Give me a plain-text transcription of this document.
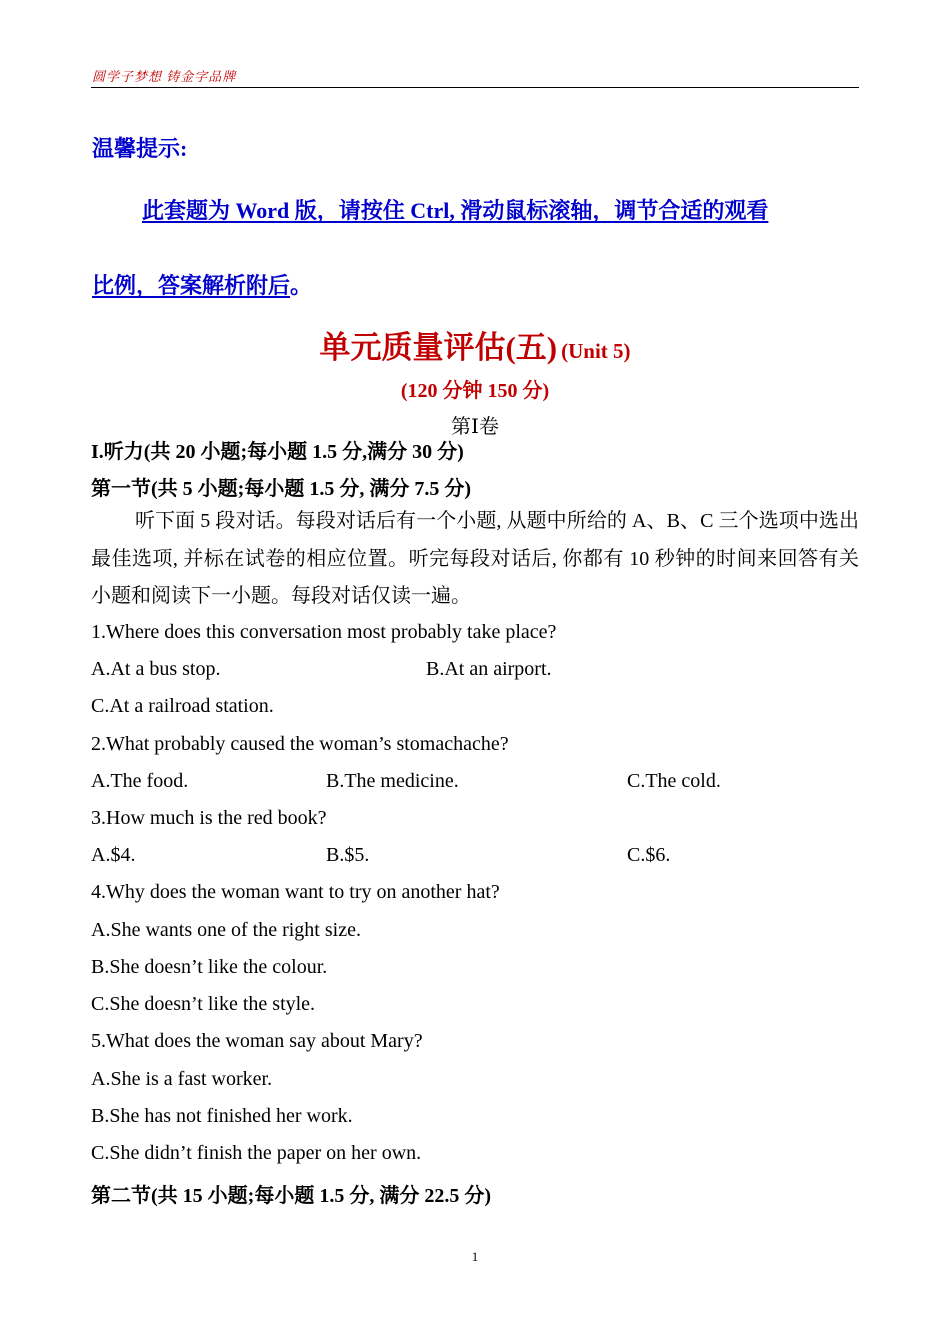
圆学子梦想 铸金字品牌
温馨提示:
此套题为 Word 版，请按住 Ctrl, 滑动鼠标滚轴，调节合适的观看
比例，答案解析附后。
单元质量评估(五) (Unit 5)
(120 分钟 150 分)
第Ⅰ卷
I.听力(共 20 小题;每小题 1.5 分,满分 30 分)
第一节(共 5 小题;每小题 1.5 分, 满分 7.5 分)
听下面 5 段对话。每段对话后有一个小题, 从题中所给的 A、B、C 三个选项中选出最佳选项, 并标在试卷的相应位置。听完每段对话后, 你都有 10 秒钟的时间来回答有关小题和阅读下一小题。每段对话仅读一遍。
1.Where does this conversation most probably take place?
A.At a bus stop.	B.At an airport.
C.At a railroad station.
2.What probably caused the woman’s stomachache?
A.The food.	B.The medicine.	C.The cold.
3.How much is the red book?
A.$4.	B.$5.	C.$6.
4.Why does the woman want to try on another hat?
A.She wants one of the right size.
B.She doesn’t like the colour.
C.She doesn’t like the style.
5.What does the woman say about Mary?
A.She is a fast worker.
B.She has not finished her work.
C.She didn’t finish the paper on her own.
第二节(共 15 小题;每小题 1.5 分, 满分 22.5 分)
1
